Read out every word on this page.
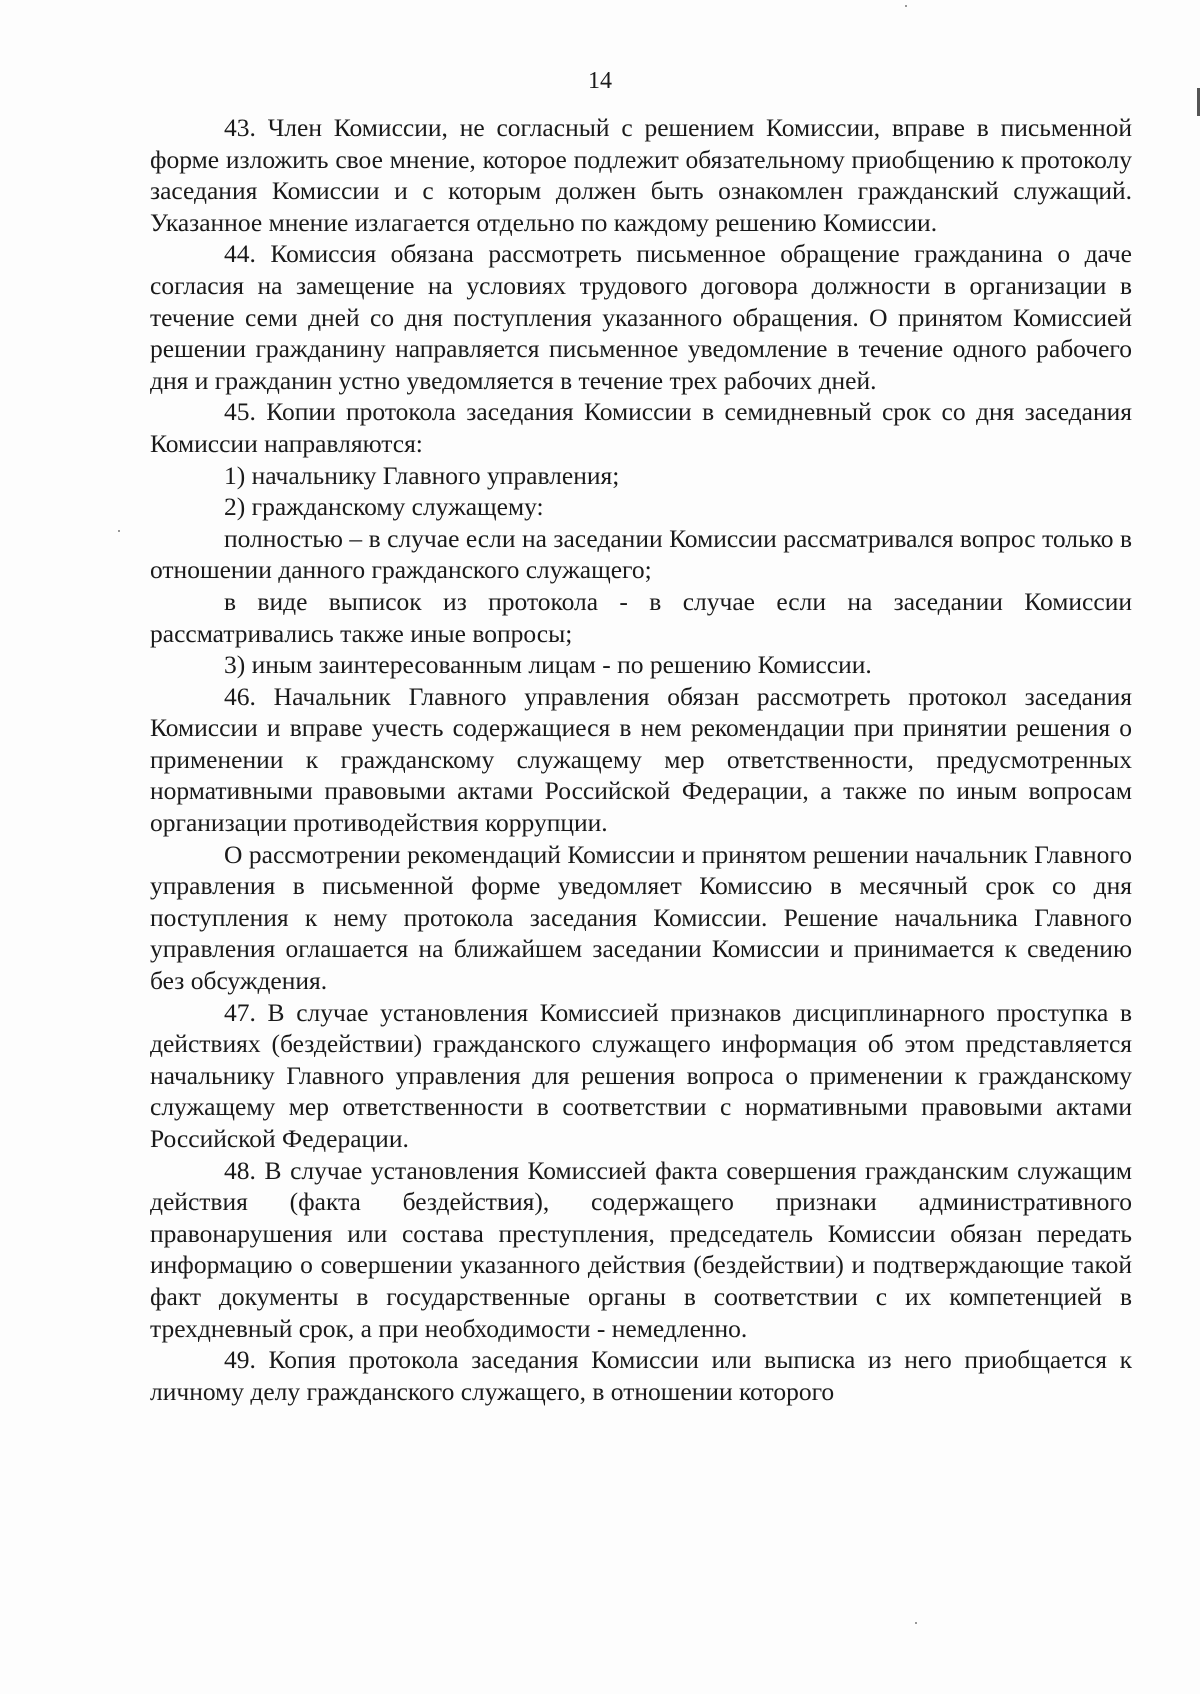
14

43. Член Комиссии, не согласный с решением Комиссии, вправе в письменной форме изложить свое мнение, которое подлежит обязательному приобщению к протоколу заседания Комиссии и с которым должен быть ознакомлен гражданский служащий. Указанное мнение излагается отдельно по каждому решению Комиссии.

44. Комиссия обязана рассмотреть письменное обращение гражданина о даче согласия на замещение на условиях трудового договора должности в организации в течение семи дней со дня поступления указанного обращения. О принятом Комиссией решении гражданину направляется письменное уведомление в течение одного рабочего дня и гражданин устно уведомляется в течение трех рабочих дней.

45. Копии протокола заседания Комиссии в семидневный срок со дня заседания Комиссии направляются:

1) начальнику Главного управления;

2) гражданскому служащему:

полностью – в случае если на заседании Комиссии рассматривался вопрос только в отношении данного гражданского служащего;

в виде выписок из протокола - в случае если на заседании Комиссии рассматривались также иные вопросы;

3) иным заинтересованным лицам - по решению Комиссии.

46. Начальник Главного управления обязан рассмотреть протокол заседания Комиссии и вправе учесть содержащиеся в нем рекомендации при принятии решения о применении к гражданскому служащему мер ответственности, предусмотренных нормативными правовыми актами Российской Федерации, а также по иным вопросам организации противодействия коррупции.

О рассмотрении рекомендаций Комиссии и принятом решении начальник Главного управления в письменной форме уведомляет Комиссию в месячный срок со дня поступления к нему протокола заседания Комиссии. Решение начальника Главного управления оглашается на ближайшем заседании Комиссии и принимается к сведению без обсуждения.

47. В случае установления Комиссией признаков дисциплинарного проступка в действиях (бездействии) гражданского служащего информация об этом представляется начальнику Главного управления для решения вопроса о применении к гражданскому служащему мер ответственности в соответствии с нормативными правовыми актами Российской Федерации.

48. В случае установления Комиссией факта совершения гражданским служащим действия (факта бездействия), содержащего признаки административного правонарушения или состава преступления, председатель Комиссии обязан передать информацию о совершении указанного действия (бездействии) и подтверждающие такой факт документы в государственные органы в соответствии с их компетенцией в трехдневный срок, а при необходимости - немедленно.

49. Копия протокола заседания Комиссии или выписка из него приобщается к личному делу гражданского служащего, в отношении которого
